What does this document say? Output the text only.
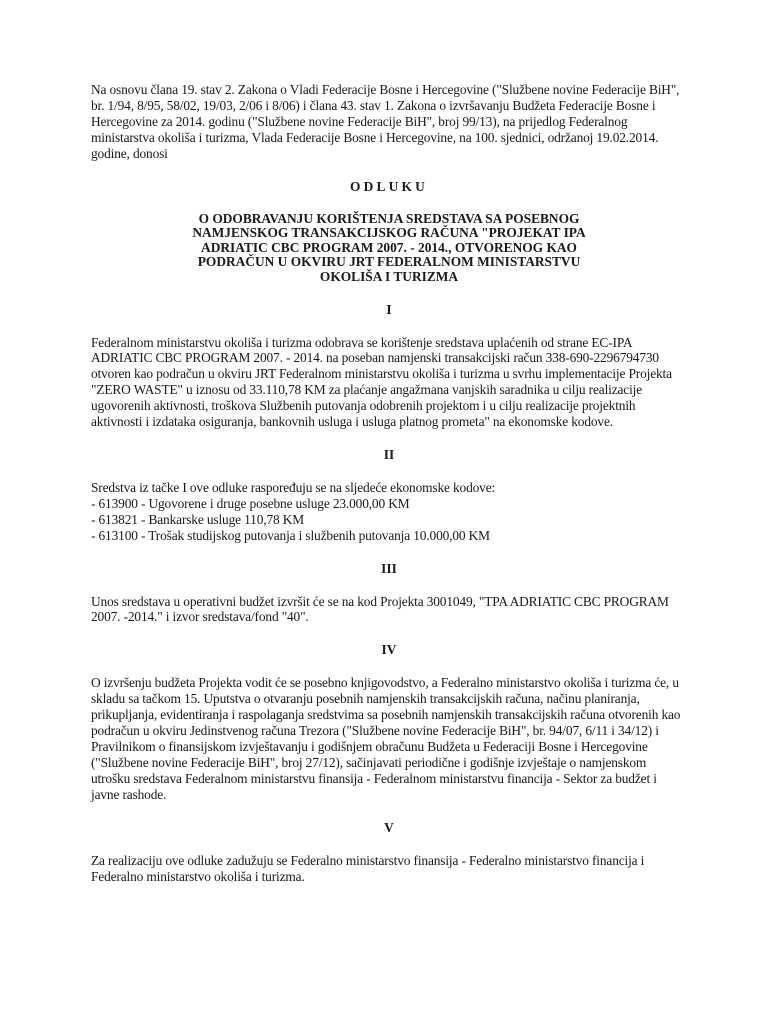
Na osnovu člana 19. stav 2. Zakona o Vladi Federacije Bosne i Hercegovine ("Službene novine Federacije BiH", br. 1/94, 8/95, 58/02, 19/03, 2/06 i 8/06) i člana 43. stav 1. Zakona o izvršavanju Budžeta Federacije Bosne i Hercegovine za 2014. godinu ("Službene novine Federacije BiH", broj 99/13), na prijedlog Federalnog ministarstva okoliša i turizma, Vlada Federacije Bosne i Hercegovine, na 100. sjednici, održanoj 19.02.2014. godine, donosi

ODLUKU
O ODOBRAVANJU KORIŠTENJA SREDSTAVA SA POSEBNOG NAMJENSKOG TRANSAKCIJSKOG RAČUNA "PROJEKAT IPA ADRIATIC CBC PROGRAM 2007. - 2014., OTVORENOG KAO PODRAČUN U OKVIRU JRT FEDERALNOM MINISTARSTVU OKOLIŠA I TURIZMA
I

Federalnom ministarstvu okoliša i turizma odobrava se korištenje sredstava uplaćenih od strane EC-IPA ADRIATIC CBC PROGRAM 2007. - 2014. na poseban namjenski transakcijski račun 338-690-2296794730 otvoren kao podračun u okviru JRT Federalnom ministarstvu okoliša i turizma u svrhu implementacije Projekta "ZERO WASTE" u iznosu od 33.110,78 KM za plaćanje angažmana vanjskih saradnika u cilju realizacije ugovorenih aktivnosti, troškova Službenih putovanja odobrenih projektom i u cilju realizacije projektnih aktivnosti i izdataka osiguranja, bankovnih usluga i usluga platnog prometa" na ekonomske kodove.

II

Sredstva iz tačke I ove odluke raspoređuju se na sljedeće ekonomske kodove:
- 613900 - Ugovorene i druge posebne usluge 23.000,00 KM
- 613821 - Bankarske usluge 110,78 KM
- 613100 - Trošak studijskog putovanja i službenih putovanja 10.000,00 KM

III

Unos sredstava u operativni budžet izvršit će se na kod Projekta 3001049, "TPA ADRIATIC CBC PROGRAM 2007. -2014." i izvor sredstava/fond "40".

IV

O izvršenju budžeta Projekta vodit će se posebno knjigovodstvo, a Federalno ministarstvo okoliša i turizma će, u skladu sa tačkom 15. Uputstva o otvaranju posebnih namjenskih transakcijskih računa, načinu planiranja, prikupljanja, evidentiranja i raspolaganja sredstvima sa posebnih namjenskih transakcijskih računa otvorenih kao podračun u okviru Jedinstvenog računa Trezora ("Službene novine Federacije BiH", br. 94/07, 6/11 i 34/12) i Pravilnikom o finansijskom izvještavanju i godišnjem obračunu Budžeta u Federaciji Bosne i Hercegovine ("Službene novine Federacije BiH", broj 27/12), sačinjavati periodične i godišnje izvještaje o namjenskom utrošku sredstava Federalnom ministarstvu finansija - Federalnom ministarstvu financija - Sektor za budžet i javne rashode.

V

Za realizaciju ove odluke zadužuju se Federalno ministarstvo finansija - Federalno ministarstvo financija i Federalno ministarstvo okoliša i turizma.
